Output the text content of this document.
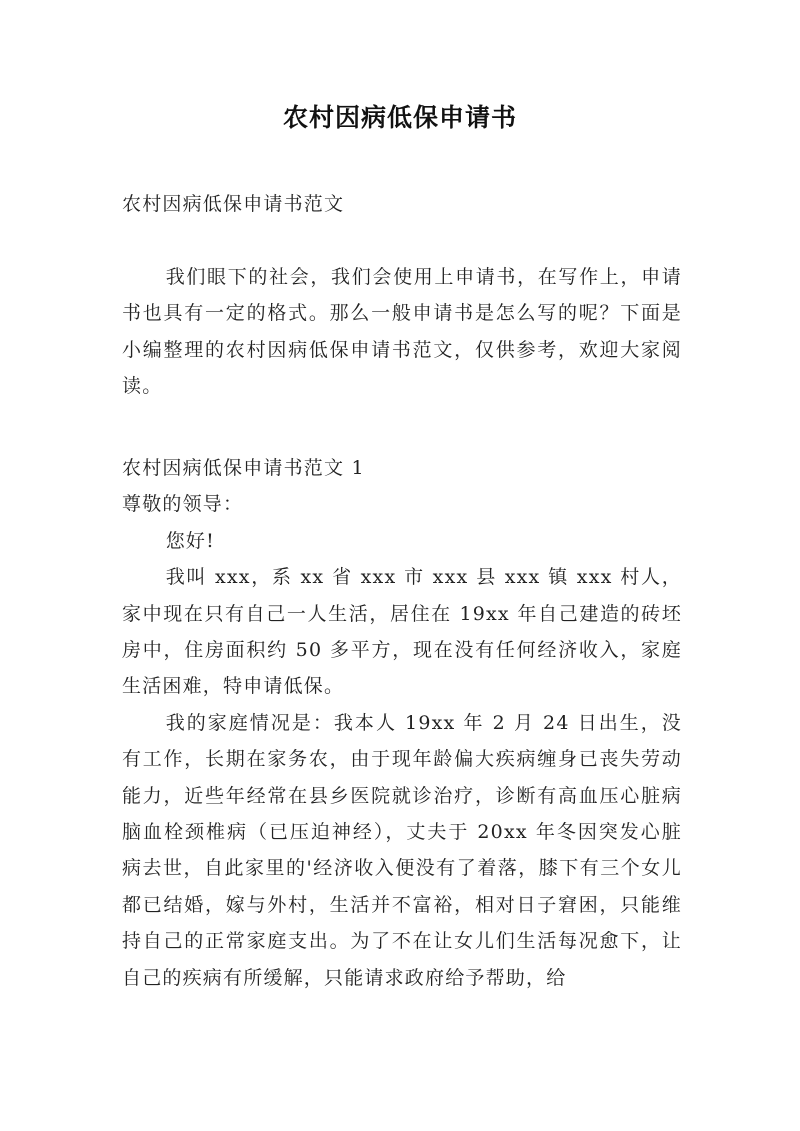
农村因病低保申请书
农村因病低保申请书范文

我们眼下的社会，我们会使用上申请书，在写作上，申请书也具有一定的格式。那么一般申请书是怎么写的呢？下面是小编整理的农村因病低保申请书范文，仅供参考，欢迎大家阅读。

农村因病低保申请书范文 1

尊敬的领导：

您好!

我叫 xxx，系 xx 省 xxx 市 xxx 县 xxx 镇 xxx 村人，家中现在只有自己一人生活，居住在 19xx 年自己建造的砖坯房中，住房面积约 50 多平方，现在没有任何经济收入，家庭生活困难，特申请低保。

我的家庭情况是：我本人 19xx 年 2 月 24 日出生，没有工作，长期在家务农，由于现年龄偏大疾病缠身已丧失劳动能力，近些年经常在县乡医院就诊治疗，诊断有高血压心脏病脑血栓颈椎病（已压迫神经），丈夫于 20xx 年冬因突发心脏病去世，自此家里的'经济收入便没有了着落，膝下有三个女儿都已结婚，嫁与外村，生活并不富裕，相对日子窘困，只能维持自己的正常家庭支出。为了不在让女儿们生活每况愈下，让自己的疾病有所缓解，只能请求政府给予帮助，给
